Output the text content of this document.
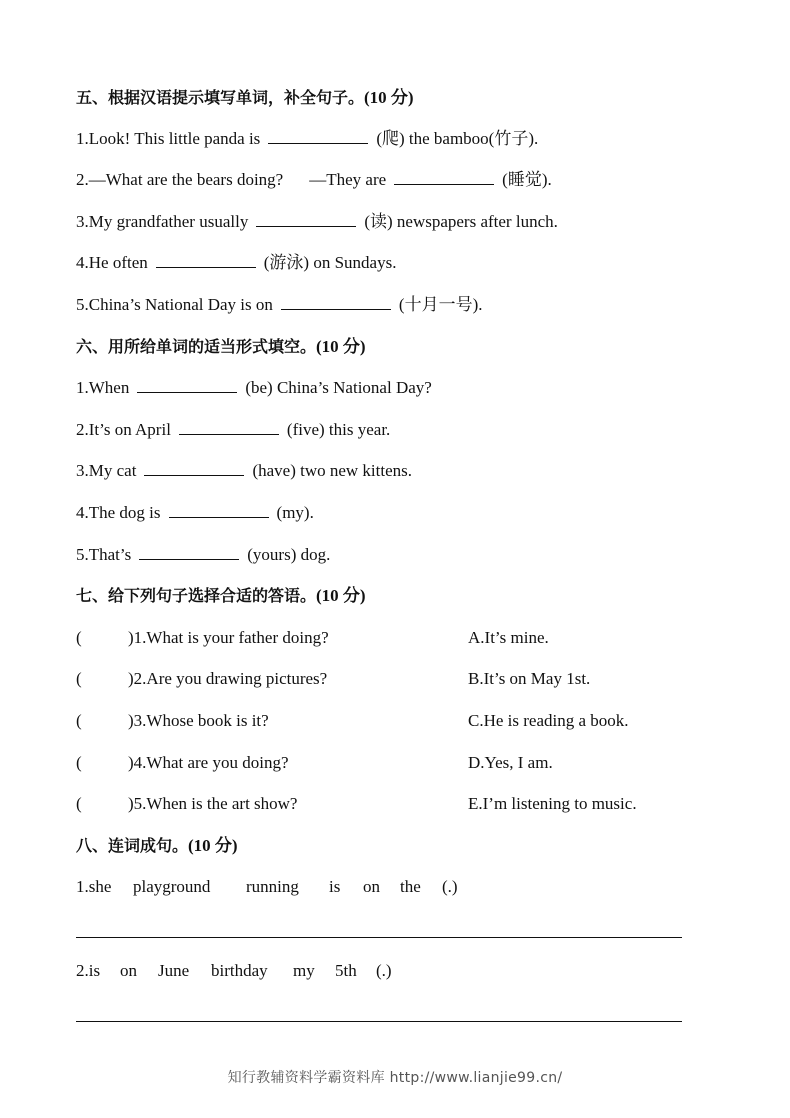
五、根据汉语提示填写单词，补全句子。(10 分)
1.Look! This little panda is	(爬) the bamboo(竹子).
2.—What are the bears doing? —They are	(睡觉).
3.My grandfather usually	(读) newspapers after lunch.
4.He often	(游泳) on Sundays.
5.China’s National Day is on	(十月一号).
六、用所给单词的适当形式填空。(10 分)
1.When	(be) China’s National Day?
2.It’s on April	(five) this year.
3.My cat	(have) two new kittens.
4.The dog is	(my).
5.That’s	(yours) dog.
七、给下列句子选择合适的答语。(10 分)
(	)1.What is your father doing?	A.It’s mine.
(	)2.Are you drawing pictures?	B.It’s on May 1st.
(	)3.Whose book is it?	C.He is reading a book.
(	)4.What are you doing?	D.Yes, I am.
(	)5.When is the art show?	E.I’m listening to music.
八、连词成句。(10 分)
1.she playground running is on the (.)
2.is on June birthday my 5th (.)
知行教辅资料学霸资料库 http://www.lianjie99.cn/
